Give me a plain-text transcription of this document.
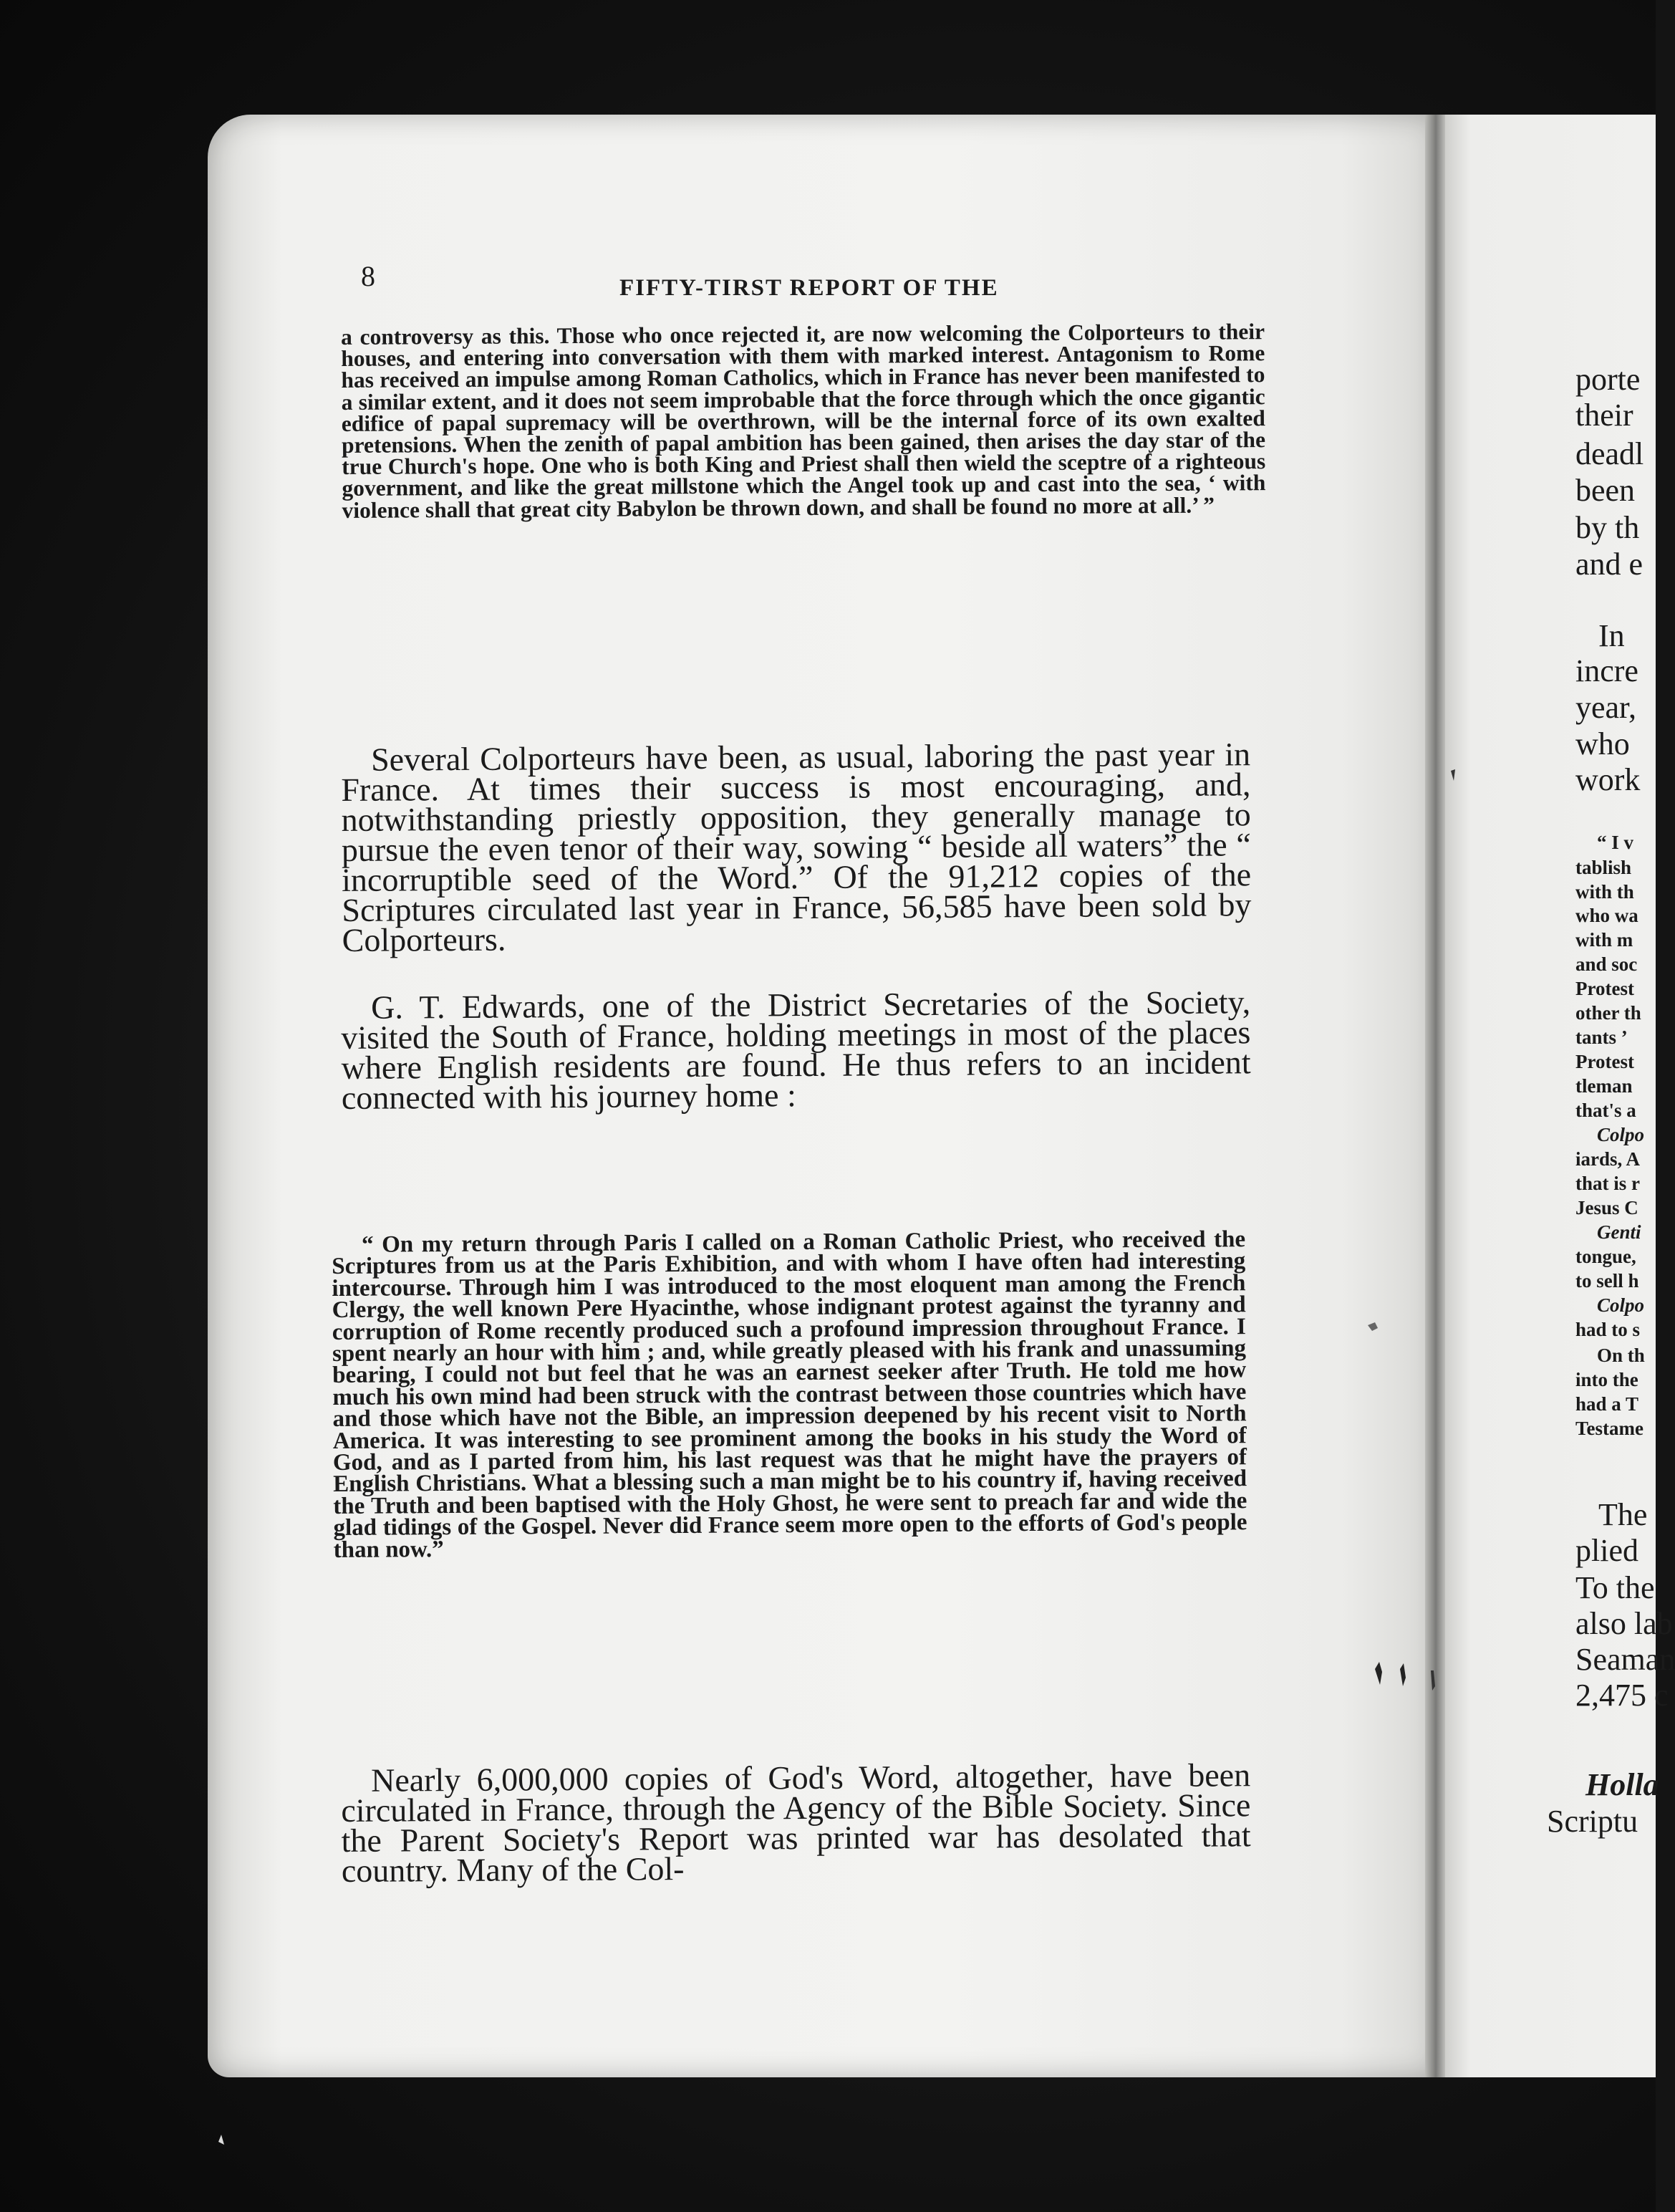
8	FIFTY-TIRST REPORT OF THE

a controversy as this. Those who once rejected it, are now welcoming the Colporteurs to their houses, and entering into conversation with them with marked interest. Antagonism to Rome has received an impulse among Roman Catholics, which in France has never been manifested to a similar extent, and it does not seem improbable that the force through which the once gigantic edifice of papal supremacy will be overthrown, will be the internal force of its own exalted pretensions. When the zenith of papal ambition has been gained, then arises the day star of the true Church's hope. One who is both King and Priest shall then wield the sceptre of a righteous government, and like the great millstone which the Angel took up and cast into the sea, ‘ with violence shall that great city Babylon be thrown down, and shall be found no more at all.’ ”

Several Colporteurs have been, as usual, laboring the past year in France. At times their success is most encouraging, and, notwithstanding priestly opposition, they generally manage to pursue the even tenor of their way, sowing “ beside all waters” the “ incorruptible seed of the Word.” Of the 91,212 copies of the Scriptures circulated last year in France, 56,585 have been sold by Colporteurs.

G. T. Edwards, one of the District Secretaries of the Society, visited the South of France, holding meetings in most of the places where English residents are found. He thus refers to an incident connected with his journey home :

“ On my return through Paris I called on a Roman Catholic Priest, who received the Scriptures from us at the Paris Exhibition, and with whom I have often had interesting intercourse. Through him I was introduced to the most eloquent man among the French Clergy, the well known Pere Hyacinthe, whose indignant protest against the tyranny and corruption of Rome recently produced such a profound impression throughout France. I spent nearly an hour with him ; and, while greatly pleased with his frank and unassuming bearing, I could not but feel that he was an earnest seeker after Truth. He told me how much his own mind had been struck with the contrast between those countries which have and those which have not the Bible, an impression deepened by his recent visit to North America. It was interesting to see prominent among the books in his study the Word of God, and as I parted from him, his last request was that he might have the prayers of English Christians. What a blessing such a man might be to his country if, having received the Truth and been baptised with the Holy Ghost, he were sent to preach far and wide the glad tidings of the Gospel. Never did France seem more open to the efforts of God's people than now.”

Nearly 6,000,000 copies of God's Word, altogether, have been circulated in France, through the Agency of the Bible Society. Since the Parent Society's Report was printed war has desolated that country. Many of the Col-

porte
their
deadl
been
by th
and e
In
incre
year,
who
work
“ I v
tablish
with th
who wa
with m
and soc
Protest
other th
tants ’
Protest
tleman
that's a
Colpo
iards, A
that is r
Jesus C
Genti
tongue,
to sell h
Colpo
had to s
On th
into the
had a T
Testame
The
plied
To the
also lab
Seaman
2,475 c
Holla
Scriptu
